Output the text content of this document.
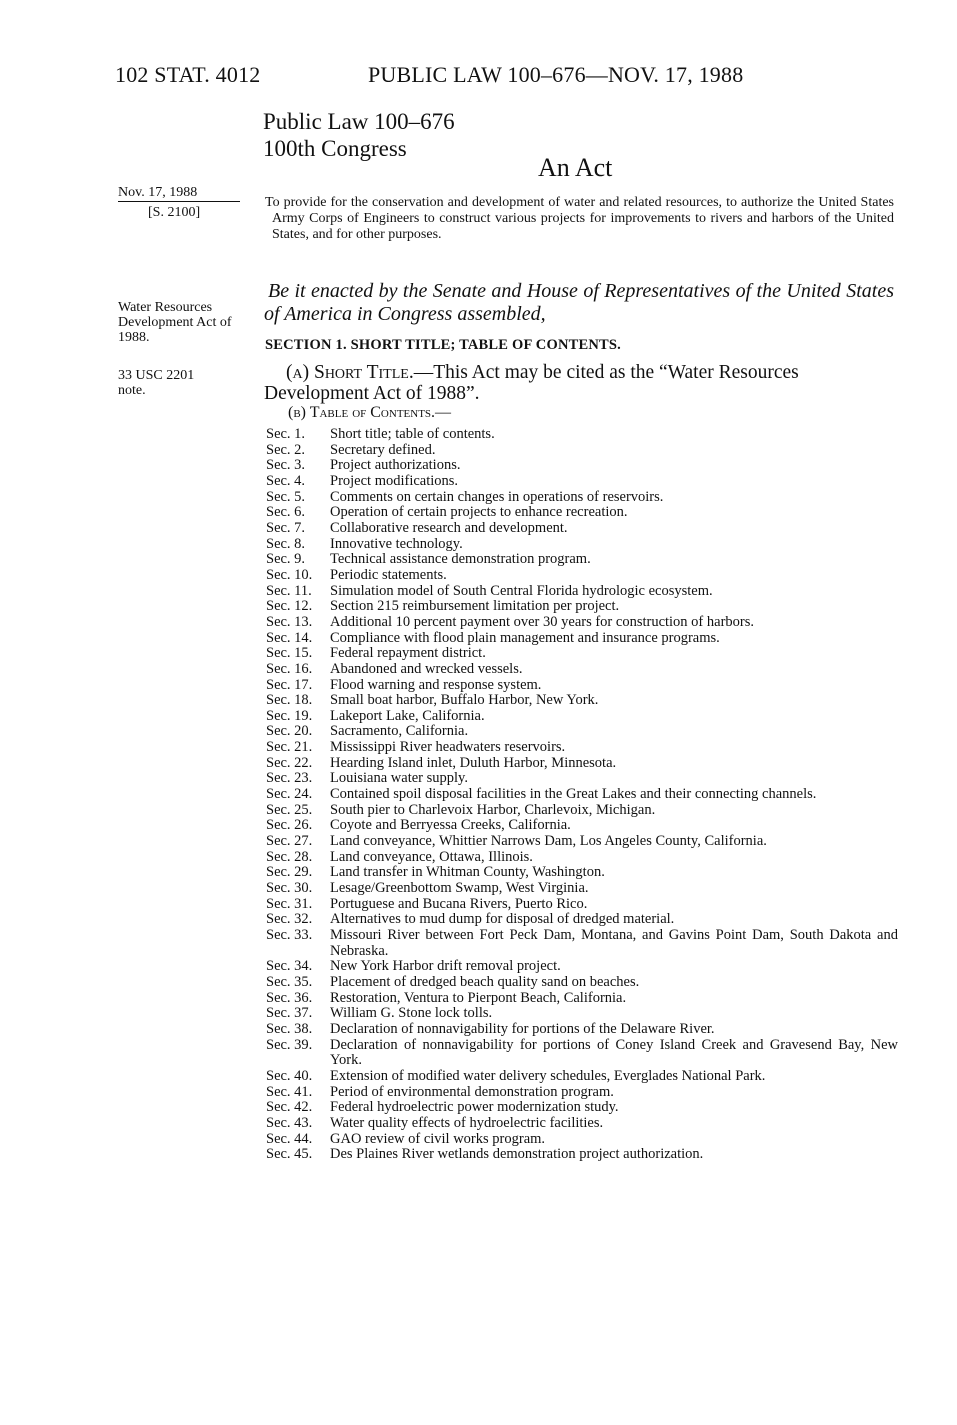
102 STAT. 4012	PUBLIC LAW 100–676—NOV. 17, 1988
Public Law 100–676
100th Congress
An Act
Nov. 17, 1988
[S. 2100]
Water Resources Development Act of 1988.
33 USC 2201 note.
To provide for the conservation and development of water and related resources, to authorize the United States Army Corps of Engineers to construct various projects for improvements to rivers and harbors of the United States, and for other purposes.
Be it enacted by the Senate and House of Representatives of the United States of America in Congress assembled,
SECTION 1. SHORT TITLE; TABLE OF CONTENTS.
(a) Short Title.—This Act may be cited as the “Water Resources Development Act of 1988”.
(b) Table of Contents.—
Sec. 1.	Short title; table of contents.
Sec. 2.	Secretary defined.
Sec. 3.	Project authorizations.
Sec. 4.	Project modifications.
Sec. 5.	Comments on certain changes in operations of reservoirs.
Sec. 6.	Operation of certain projects to enhance recreation.
Sec. 7.	Collaborative research and development.
Sec. 8.	Innovative technology.
Sec. 9.	Technical assistance demonstration program.
Sec. 10.	Periodic statements.
Sec. 11.	Simulation model of South Central Florida hydrologic ecosystem.
Sec. 12.	Section 215 reimbursement limitation per project.
Sec. 13.	Additional 10 percent payment over 30 years for construction of harbors.
Sec. 14.	Compliance with flood plain management and insurance programs.
Sec. 15.	Federal repayment district.
Sec. 16.	Abandoned and wrecked vessels.
Sec. 17.	Flood warning and response system.
Sec. 18.	Small boat harbor, Buffalo Harbor, New York.
Sec. 19.	Lakeport Lake, California.
Sec. 20.	Sacramento, California.
Sec. 21.	Mississippi River headwaters reservoirs.
Sec. 22.	Hearding Island inlet, Duluth Harbor, Minnesota.
Sec. 23.	Louisiana water supply.
Sec. 24.	Contained spoil disposal facilities in the Great Lakes and their connecting channels.
Sec. 25.	South pier to Charlevoix Harbor, Charlevoix, Michigan.
Sec. 26.	Coyote and Berryessa Creeks, California.
Sec. 27.	Land conveyance, Whittier Narrows Dam, Los Angeles County, California.
Sec. 28.	Land conveyance, Ottawa, Illinois.
Sec. 29.	Land transfer in Whitman County, Washington.
Sec. 30.	Lesage/Greenbottom Swamp, West Virginia.
Sec. 31.	Portuguese and Bucana Rivers, Puerto Rico.
Sec. 32.	Alternatives to mud dump for disposal of dredged material.
Sec. 33.	Missouri River between Fort Peck Dam, Montana, and Gavins Point Dam, South Dakota and Nebraska.
Sec. 34.	New York Harbor drift removal project.
Sec. 35.	Placement of dredged beach quality sand on beaches.
Sec. 36.	Restoration, Ventura to Pierpont Beach, California.
Sec. 37.	William G. Stone lock tolls.
Sec. 38.	Declaration of nonnavigability for portions of the Delaware River.
Sec. 39.	Declaration of nonnavigability for portions of Coney Island Creek and Gravesend Bay, New York.
Sec. 40.	Extension of modified water delivery schedules, Everglades National Park.
Sec. 41.	Period of environmental demonstration program.
Sec. 42.	Federal hydroelectric power modernization study.
Sec. 43.	Water quality effects of hydroelectric facilities.
Sec. 44.	GAO review of civil works program.
Sec. 45.	Des Plaines River wetlands demonstration project authorization.
